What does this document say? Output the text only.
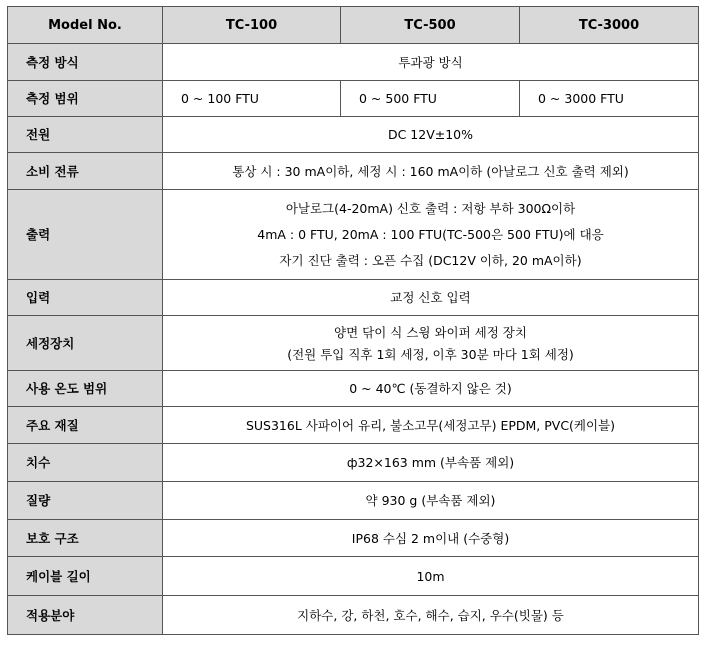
Model No.	TC-100	TC-500	TC-3000
측정 방식	투과광 방식		
측정 범위	0 ~ 100 FTU	0 ~ 500 FTU	0 ~ 3000 FTU
전원	DC 12V±10%		
소비 전류	통상 시 : 30 mA이하, 세정 시 : 160 mA이하 (아날로그 신호 출력 제외)		
출력	아날로그(4-20mA) 신호 출력 : 저항 부하 300Ω이하
4mA : 0 FTU, 20mA : 100 FTU(TC-500은 500 FTU)에 대응
자기 진단 출력 : 오픈 수집 (DC12V 이하, 20 mA이하)		

입력	교정 신호 입력		
세정장치	양면 닦이 식 스윙 와이퍼 세정 장치
(전원 투입 직후 1회 세정, 이후 30분 마다 1회 세정)		

사용 온도 범위	0 ~ 40℃ (동결하지 않은 것)		
주요 재질	SUS316L 사파이어 유리, 불소고무(세정고무) EPDM, PVC(케이블)		
치수	ф32×163 mm (부속품 제외)		
질량	약 930 g (부속품 제외)		
보호 구조	IP68 수심 2 m이내 (수중형)		
케이블 길이	10m		
적용분야	지하수, 강, 하천, 호수, 해수, 습지, 우수(빗물) 등		
